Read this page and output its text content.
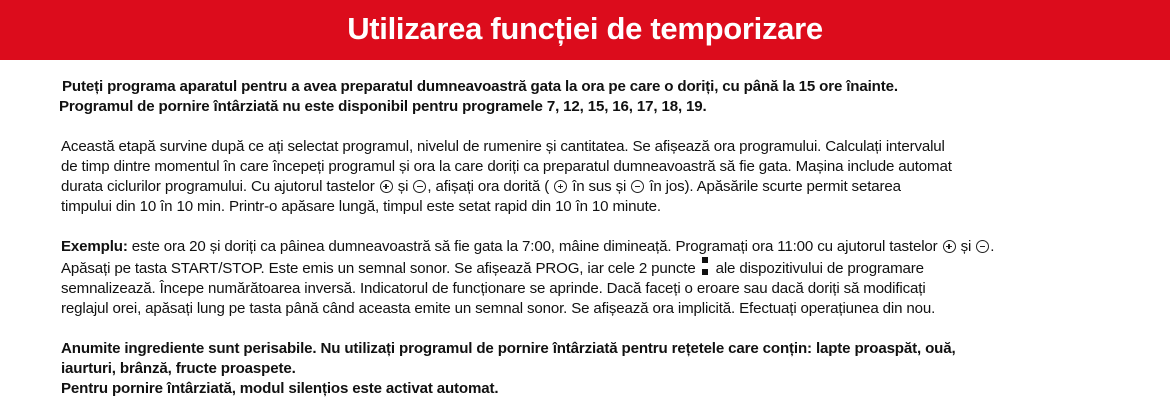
Utilizarea funcției de temporizare

Puteți programa aparatul pentru a avea preparatul dumneavoastră gata la ora pe care o doriți, cu până la 15 ore înainte.
Programul de pornire întârziată nu este disponibil pentru programele 7, 12, 15, 16, 17, 18, 19.

Această etapă survine după ce ați selectat programul, nivelul de rumenire și cantitatea. Se afișează ora programului. Calculați intervalul
de timp dintre momentul în care începeți programul și ora la care doriți ca preparatul dumneavoastră să fie gata. Mașina include automat
durata ciclurilor programului. Cu ajutorul tastelor și , afișați ora dorită ( în sus și în jos). Apăsările scurte permit setarea
timpului din 10 în 10 min. Printr-o apăsare lungă, timpul este setat rapid din 10 în 10 minute.

Exemplu: este ora 20 și doriți ca pâinea dumneavoastră să fie gata la 7:00, mâine dimineață. Programați ora 11:00 cu ajutorul tastelor și .
Apăsați pe tasta START/STOP. Este emis un semnal sonor. Se afișează PROG, iar cele 2 puncte ale dispozitivului de programare
semnalizează. Începe numărătoarea inversă. Indicatorul de funcționare se aprinde. Dacă faceți o eroare sau dacă doriți să modificați
reglajul orei, apăsați lung pe tasta până când aceasta emite un semnal sonor. Se afișează ora implicită. Efectuați operațiunea din nou.

Anumite ingrediente sunt perisabile. Nu utilizați programul de pornire întârziată pentru rețetele care conțin: lapte proaspăt, ouă,
iaurturi, brânză, fructe proaspete.
Pentru pornire întârziată, modul silențios este activat automat.
